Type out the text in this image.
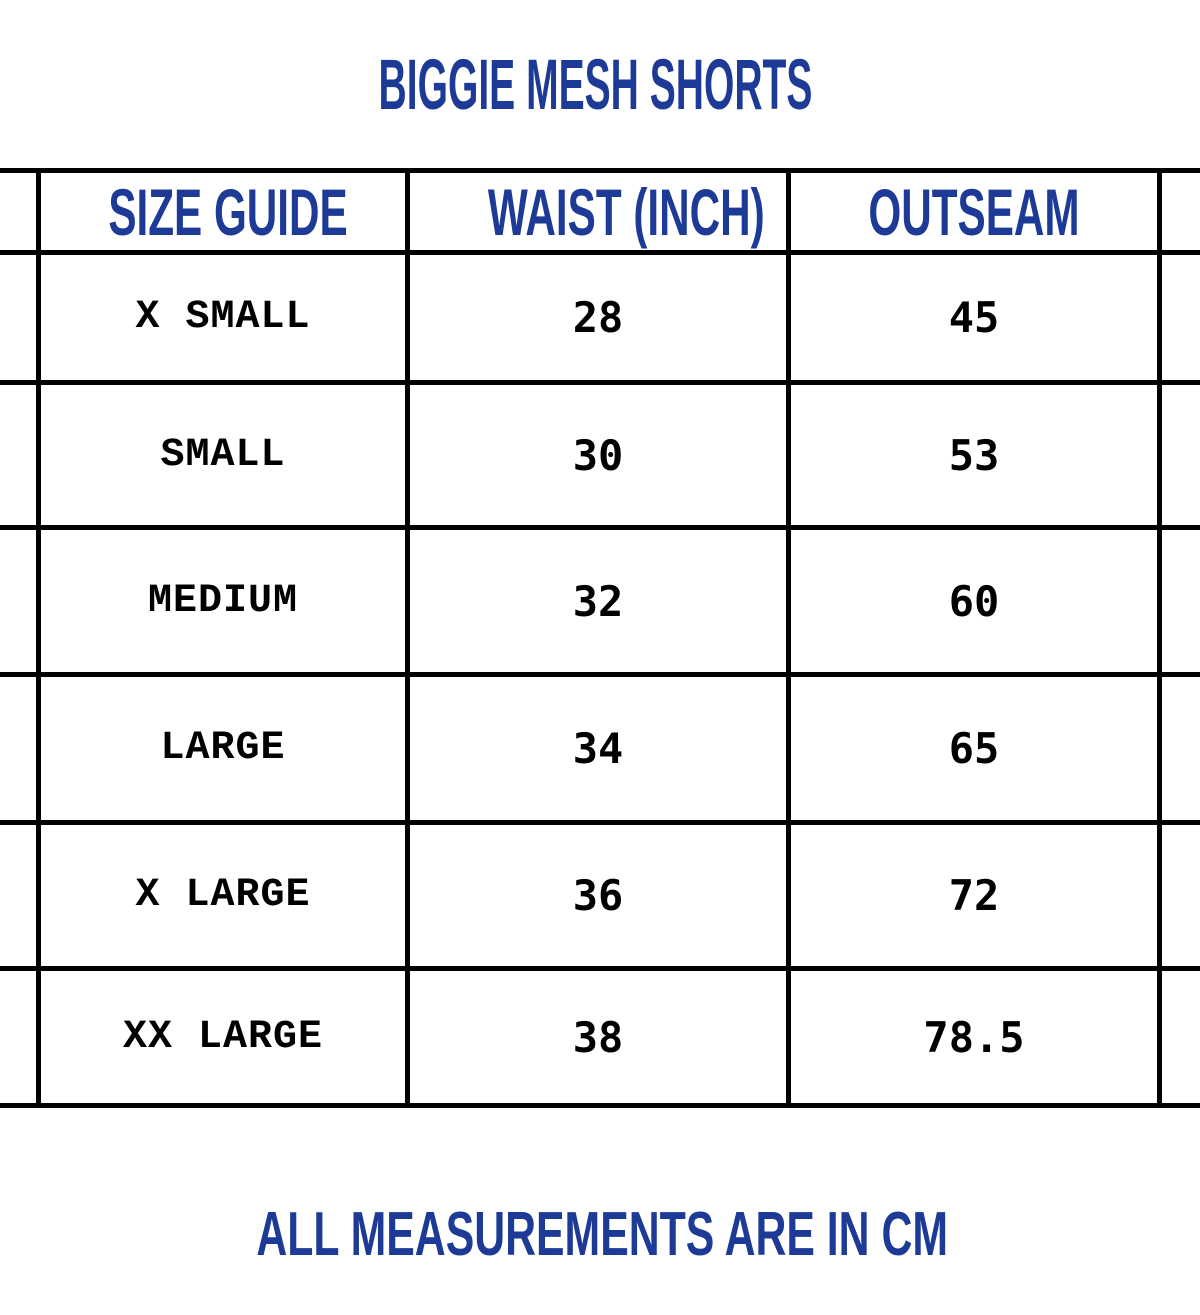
BIGGIE MESH SHORTS
	SIZE GUIDE	WAIST (INCH)	OUTSEAM	
	X SMALL	28	45	
	SMALL	30	53	
	MEDIUM	32	60	
	LARGE	34	65	
	X LARGE	36	72	
	XX LARGE	38	78.5	
ALL MEASUREMENTS ARE IN CM
